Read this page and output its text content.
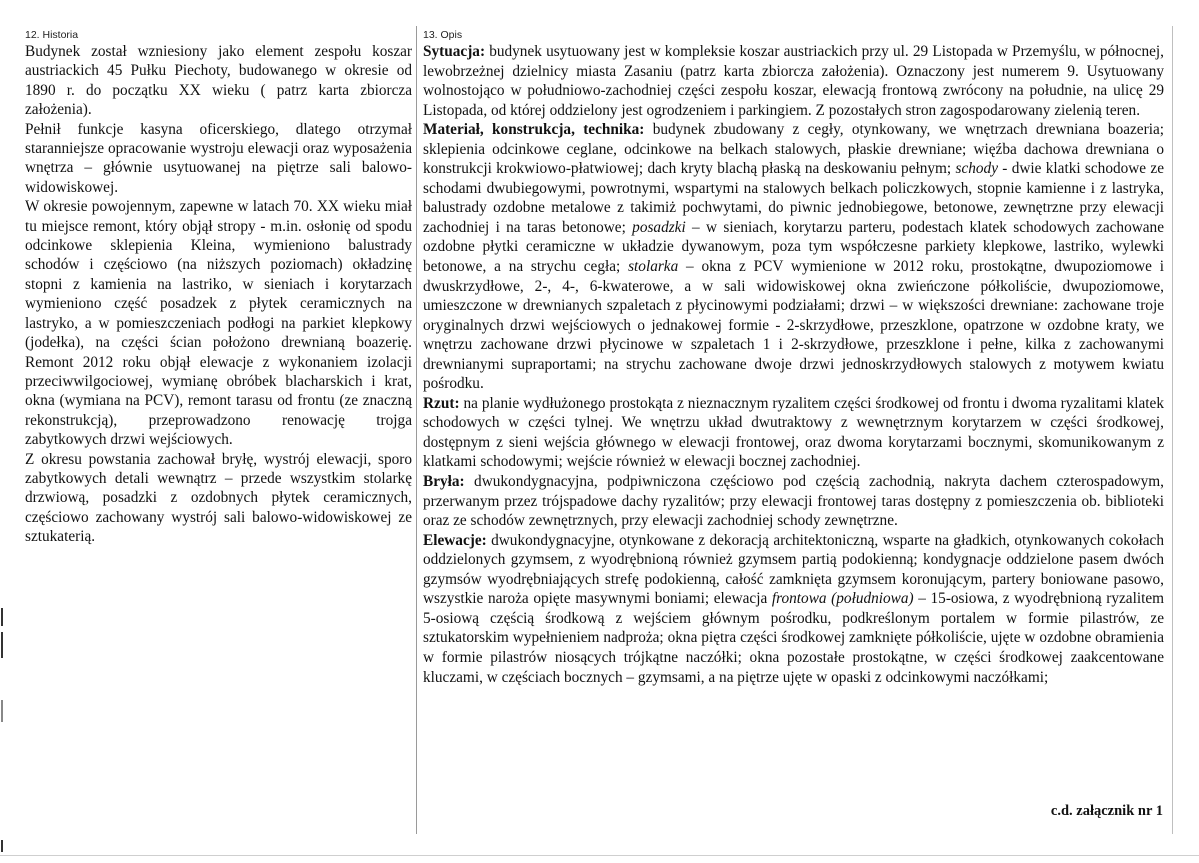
12. Historia

Budynek został wzniesiony jako element zespołu koszar austriackich 45 Pułku Piechoty, budowanego w okresie od 1890 r. do początku XX wieku ( patrz karta zbiorcza założenia).

Pełnił funkcje kasyna oficerskiego, dlatego otrzymał staranniejsze opracowanie wystroju elewacji oraz wyposażenia wnętrza – głównie usytuowanej na piętrze sali balowo-widowiskowej.

W okresie powojennym, zapewne w latach 70. XX wieku miał tu miejsce remont, który objął stropy - m.in. osłonię od spodu odcinkowe sklepienia Kleina, wymieniono balustrady schodów i częściowo (na niższych poziomach) okładzinę stopni z kamienia na lastriko, w sieniach i korytarzach wymieniono część posadzek z płytek ceramicznych na lastryko, a w pomieszczeniach podłogi na parkiet klepkowy (jodełka), na części ścian położono drewnianą boazerię. Remont 2012 roku objął elewacje z wykonaniem izolacji przeciwwilgociowej, wymianę obróbek blacharskich i krat, okna (wymiana na PCV), remont tarasu od frontu (ze znaczną rekonstrukcją), przeprowadzono renowację trojga zabytkowych drzwi wejściowych.

Z okresu powstania zachował bryłę, wystrój elewacji, sporo zabytkowych detali wewnątrz – przede wszystkim stolarkę drzwiową, posadzki z ozdobnych płytek ceramicznych, częściowo zachowany wystrój sali balowo-widowiskowej ze sztukaterią.

13. Opis

Sytuacja: budynek usytuowany jest w kompleksie koszar austriackich przy ul. 29 Listopada w Przemyślu, w północnej, lewobrzeżnej dzielnicy miasta Zasaniu (patrz karta zbiorcza założenia). Oznaczony jest numerem 9. Usytuowany wolnostojąco w południowo-zachodniej części zespołu koszar, elewacją frontową zwrócony na południe, na ulicę 29 Listopada, od której oddzielony jest ogrodzeniem i parkingiem. Z pozostałych stron zagospodarowany zielenią teren.

Materiał, konstrukcja, technika: budynek zbudowany z cegły, otynkowany, we wnętrzach drewniana boazeria; sklepienia odcinkowe ceglane, odcinkowe na belkach stalowych, płaskie drewniane; więźba dachowa drewniana o konstrukcji krokwiowo-płatwiowej; dach kryty blachą płaską na deskowaniu pełnym; schody - dwie klatki schodowe ze schodami dwubiegowymi, powrotnymi, wspartymi na stalowych belkach policzkowych, stopnie kamienne i z lastryka, balustrady ozdobne metalowe z takimiż pochwytami, do piwnic jednobiegowe, betonowe, zewnętrzne przy elewacji zachodniej i na taras betonowe; posadzki – w sieniach, korytarzu parteru, podestach klatek schodowych zachowane ozdobne płytki ceramiczne w układzie dywanowym, poza tym współczesne parkiety klepkowe, lastriko, wylewki betonowe, a na strychu cegła; stolarka – okna z PCV wymienione w 2012 roku, prostokątne, dwupoziomowe i dwuskrzydłowe, 2-, 4-, 6-kwaterowe, a w sali widowiskowej okna zwieńczone półkoliście, dwupoziomowe, umieszczone w drewnianych szpaletach z płycinowymi podziałami; drzwi – w większości drewniane: zachowane troje oryginalnych drzwi wejściowych o jednakowej formie - 2-skrzydłowe, przeszklone, opatrzone w ozdobne kraty, we wnętrzu zachowane drzwi płycinowe w szpaletach 1 i 2-skrzydłowe, przeszklone i pełne, kilka z zachowanymi drewnianymi supraportami; na strychu zachowane dwoje drzwi jednoskrzydłowych stalowych z motywem kwiatu pośrodku.

Rzut: na planie wydłużonego prostokąta z nieznacznym ryzalitem części środkowej od frontu i dwoma ryzalitami klatek schodowych w części tylnej. We wnętrzu układ dwutraktowy z wewnętrznym korytarzem w części środkowej, dostępnym z sieni wejścia głównego w elewacji frontowej, oraz dwoma korytarzami bocznymi, skomunikowanym z klatkami schodowymi; wejście również w elewacji bocznej zachodniej.

Bryła: dwukondygnacyjna, podpiwniczona częściowo pod częścią zachodnią, nakryta dachem czterospadowym, przerwanym przez trójspadowe dachy ryzalitów; przy elewacji frontowej taras dostępny z pomieszczenia ob. biblioteki oraz ze schodów zewnętrznych, przy elewacji zachodniej schody zewnętrzne.

Elewacje: dwukondygnacyjne, otynkowane z dekoracją architektoniczną, wsparte na gładkich, otynkowanych cokołach oddzielonych gzymsem, z wyodrębnioną również gzymsem partią podokienną; kondygnacje oddzielone pasem dwóch gzymsów wyodrębniających strefę podokienną, całość zamknięta gzymsem koronującym, partery boniowane pasowo, wszystkie naroża opięte masywnymi boniami; elewacja frontowa (południowa) – 15-osiowa, z wyodrębnioną ryzalitem 5-osiową częścią środkową z wejściem głównym pośrodku, podkreślonym portalem w formie pilastrów, ze sztukatorskim wypełnieniem nadproża; okna piętra części środkowej zamknięte półkoliście, ujęte w ozdobne obramienia w formie pilastrów niosących trójkątne naczółki; okna pozostałe prostokątne, w części środkowej zaakcentowane kluczami, w częściach bocznych – gzymsami, a na piętrze ujęte w opaski z odcinkowymi naczółkami;

c.d. załącznik nr 1
